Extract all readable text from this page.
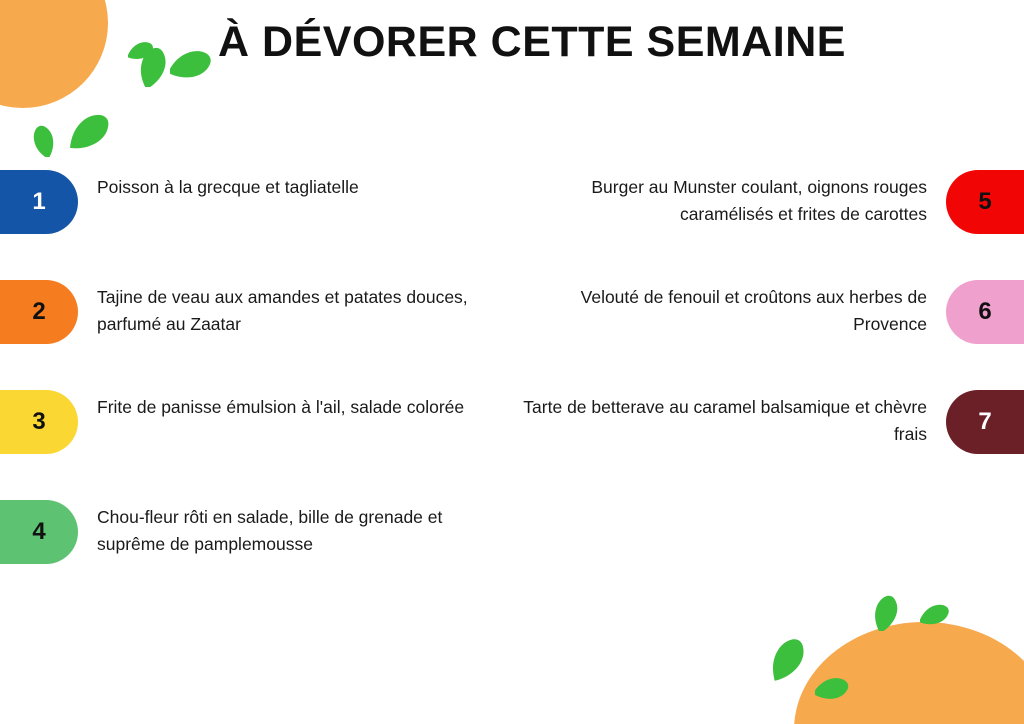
À DÉVORER CETTE SEMAINE
1
Poisson à la grecque et tagliatelle
2
Tajine de veau aux amandes et patates douces, parfumé au Zaatar
3
Frite de panisse émulsion à l'ail, salade colorée
4
Chou-fleur rôti en salade, bille de grenade et suprême de pamplemousse
5
Burger au Munster coulant, oignons rouges caramélisés et frites de carottes
6
Velouté de fenouil et croûtons aux herbes de Provence
7
Tarte de betterave au caramel balsamique et chèvre frais
